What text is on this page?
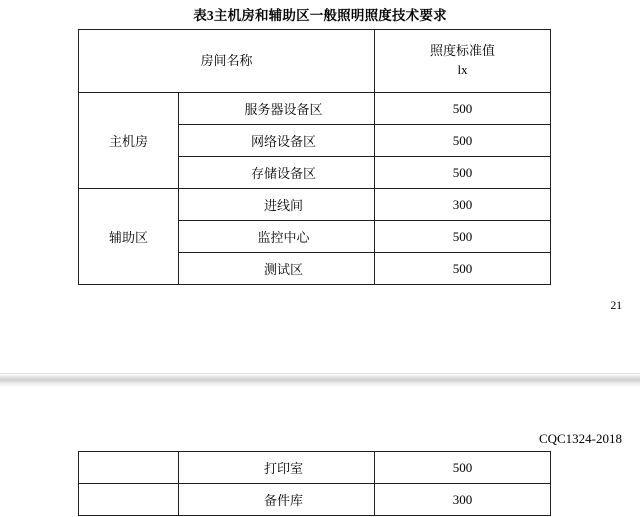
表3主机房和辅助区一般照明照度技术要求
房间名称		照度标准值
lx

主机房	服务器设备区	500
	网络设备区	500
	存储设备区	500
辅助区	进线间	300
	监控中心	500
	测试区	500
21
CQC1324-2018
	打印室	500
	备件库	300
